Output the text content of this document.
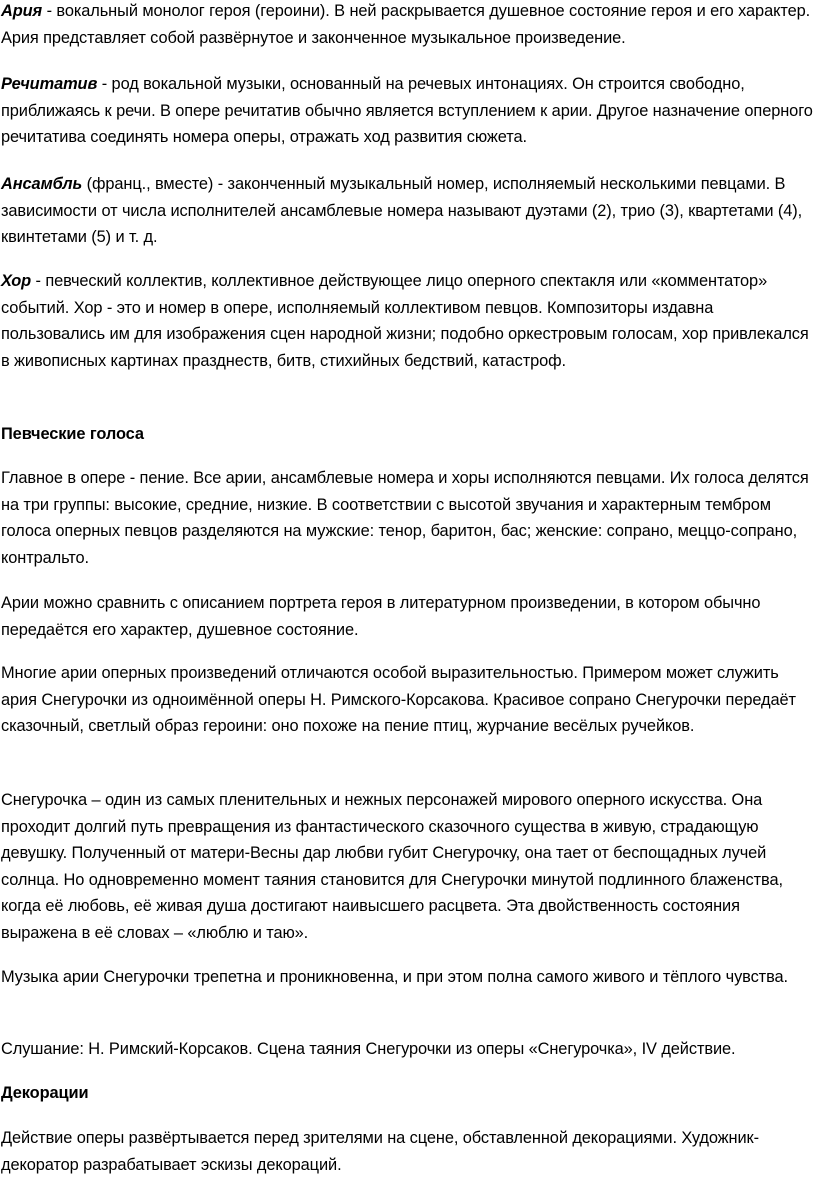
Ария - вокальный монолог героя (героини). В ней раскрывается душевное состояние героя и его характер. Ария представляет собой развёрнутое и законченное музыкальное произведение.

Речитатив - род вокальной музыки, основанный на речевых интонациях. Он строится свободно, приближаясь к речи. В опере речитатив обычно является вступлением к арии. Другое назначение оперного речитатива соединять номера оперы, отражать ход развития сюжета.

Ансамбль (франц., вместе) - законченный музыкальный номер, исполняемый несколькими певцами. В зависимости от числа исполнителей ансамблевые номера называют дуэтами (2), трио (3), квартетами (4), квинтетами (5) и т. д.

Хор - певческий коллектив, коллективное действующее лицо оперного спектакля или «комментатор» событий. Хор - это и номер в опере, исполняемый коллективом певцов. Композиторы издавна пользовались им для изображения сцен народной жизни; подобно оркестровым голосам, хор привлекался в живописных картинах празднеств, битв, стихийных бедствий, катастроф.

Певческие голоса

Главное в опере - пение. Все арии, ансамблевые номера и хоры исполняются певцами. Их голоса делятся на три группы: высокие, средние, низкие. В соответствии с высотой звучания и характерным тембром голоса оперных певцов разделяются на мужские: тенор, баритон, бас; женские: сопрано, меццо-сопрано, контральто.

Арии можно сравнить с описанием портрета героя в литературном произведении, в котором обычно передаётся его характер, душевное состояние.

Многие арии оперных произведений отличаются особой выразительностью. Примером может служить ария Снегурочки из одноимённой оперы Н. Римского-Корсакова. Красивое сопрано Снегурочки передаёт сказочный, светлый образ героини: оно похоже на пение птиц, журчание весёлых ручейков.

Снегурочка – один из самых пленительных и нежных персонажей мирового оперного искусства. Она проходит долгий путь превращения из фантастического сказочного существа в живую, страдающую девушку. Полученный от матери-Весны дар любви губит Снегурочку, она тает от беспощадных лучей солнца. Но одновременно момент таяния становится для Снегурочки минутой подлинного блаженства, когда её любовь, её живая душа достигают наивысшего расцвета. Эта двойственность состояния выражена в её словах – «люблю и таю».

Музыка арии Снегурочки трепетна и проникновенна, и при этом полна самого живого и тёплого чувства.

Слушание: Н. Римский-Корсаков. Сцена таяния Снегурочки из оперы «Снегурочка», IV действие.

Декорации

Действие оперы развёртывается перед зрителями на сцене, обставленной декорациями. Художник-декоратор разрабатывает эскизы декораций.
